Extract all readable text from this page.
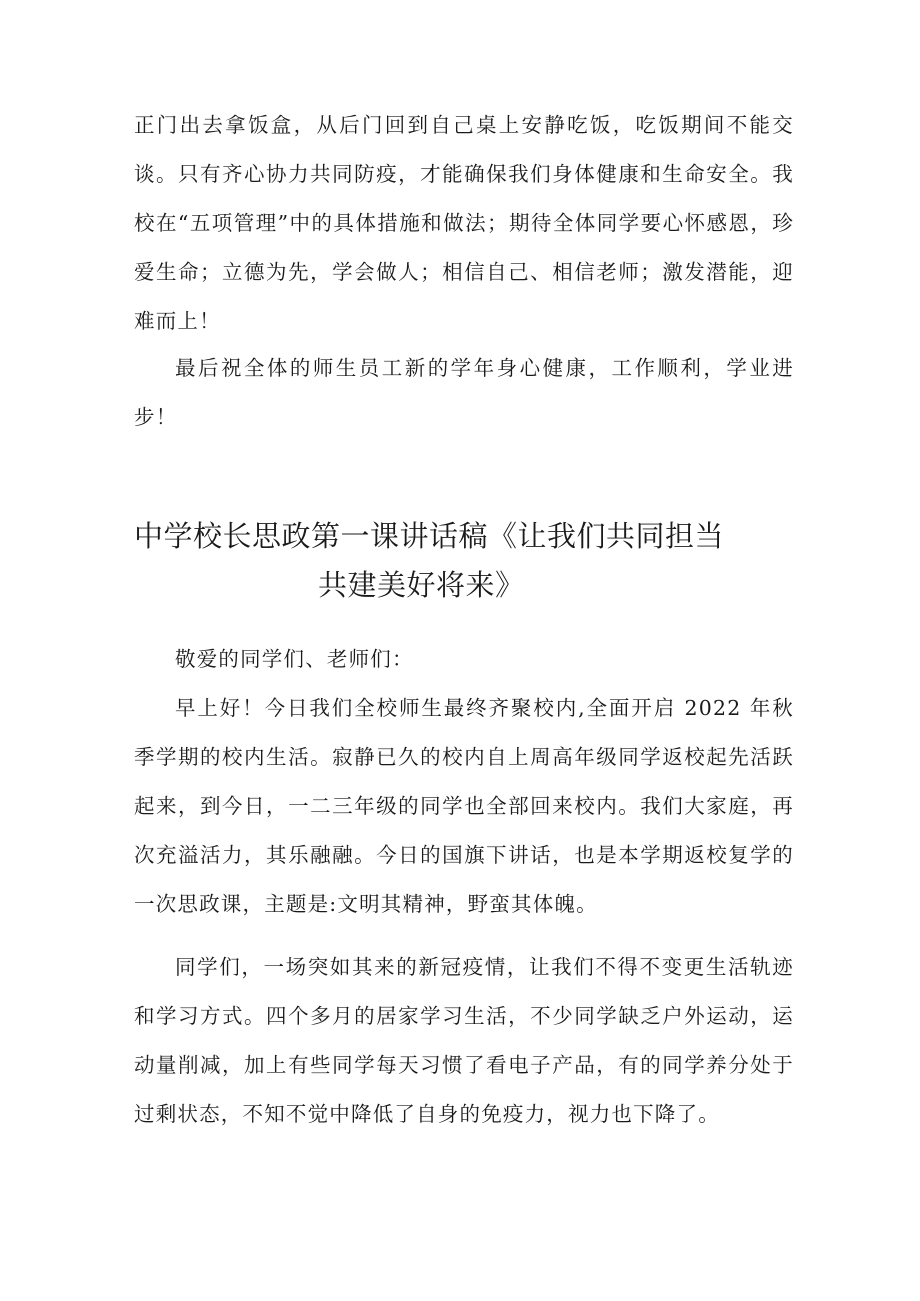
正门出去拿饭盒，从后门回到自己桌上安静吃饭，吃饭期间不能交谈。只有齐心协力共同防疫，才能确保我们身体健康和生命安全。我校在“五项管理”中的具体措施和做法；期待全体同学要心怀感恩，珍爱生命；立德为先，学会做人；相信自己、相信老师；激发潜能，迎难而上！

最后祝全体的师生员工新的学年身心健康，工作顺利，学业进步！

中学校长思政第一课讲话稿《让我们共同担当
共建美好将来》

敬爱的同学们、老师们：

早上好！今日我们全校师生最终齐聚校内,全面开启 2022 年秋季学期的校内生活。寂静已久的校内自上周高年级同学返校起先活跃起来，到今日，一二三年级的同学也全部回来校内。我们大家庭，再次充溢活力，其乐融融。今日的国旗下讲话，也是本学期返校复学的一次思政课，主题是:文明其精神，野蛮其体魄。

同学们，一场突如其来的新冠疫情，让我们不得不变更生活轨迹和学习方式。四个多月的居家学习生活，不少同学缺乏户外运动，运动量削减，加上有些同学每天习惯了看电子产品，有的同学养分处于过剩状态，不知不觉中降低了自身的免疫力，视力也下降了。
